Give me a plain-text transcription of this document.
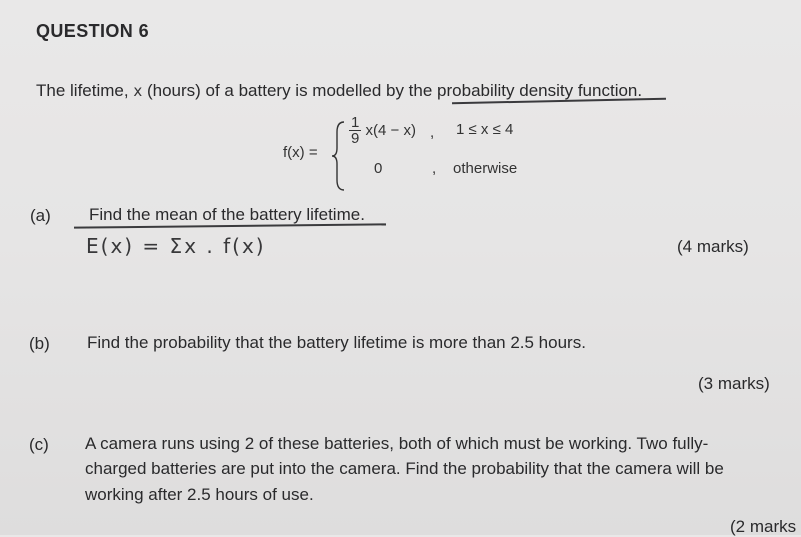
QUESTION 6
The lifetime, x (hours) of a battery is modelled by the probability density function.
f(x) =
$\frac{1}{9} x(4 - x)$ , 1 ≤ x ≤ 4
0	, otherwise
(a) Find the mean of the battery lifetime.
E(x) = Σx . f(x)	(4 marks)
(b) Find the probability that the battery lifetime is more than 2.5 hours.
(3 marks)
(c) A camera runs using 2 of these batteries, both of which must be working. Two fully-
charged batteries are put into the camera. Find the probability that the camera will be
working after 2.5 hours of use.
(2 marks
